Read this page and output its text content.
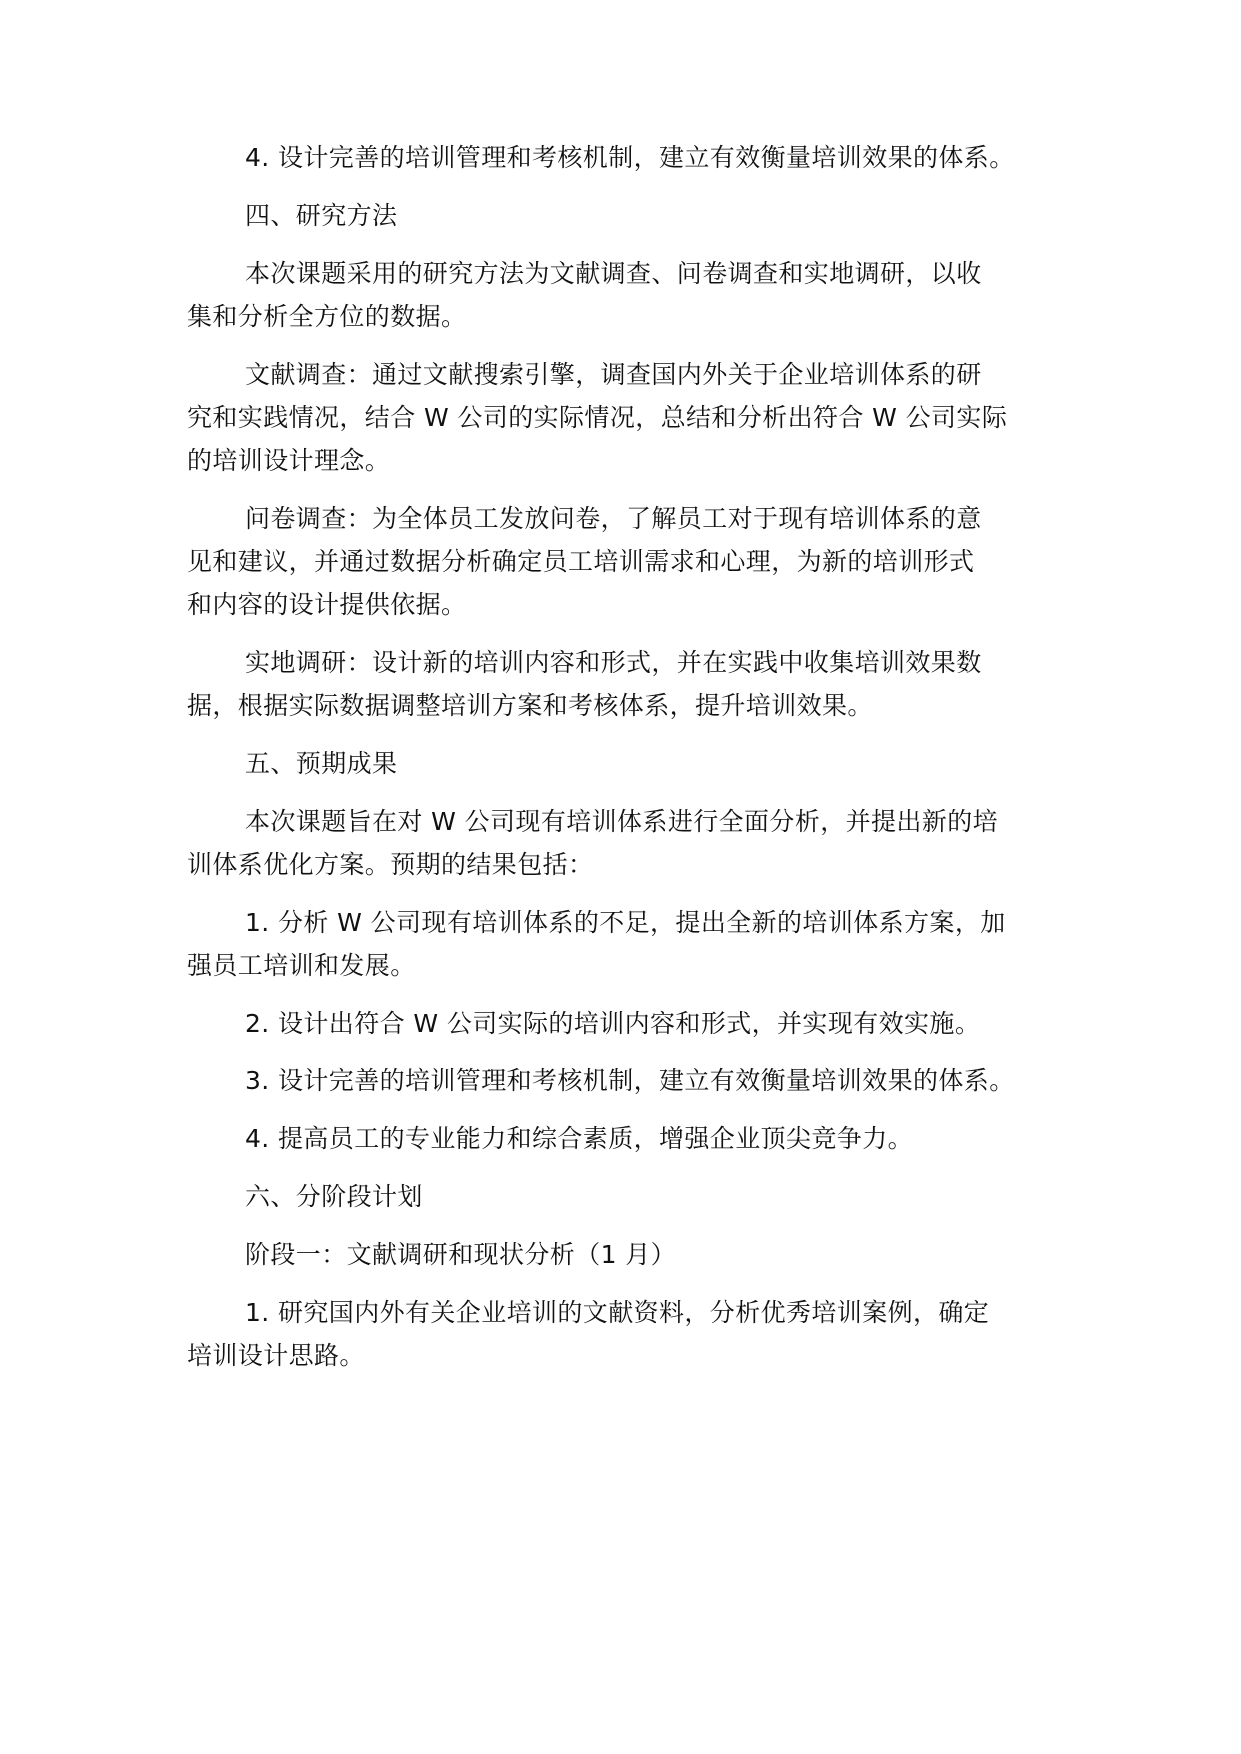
4. 设计完善的培训管理和考核机制，建立有效衡量培训效果的体系。
四、研究方法
本次课题采用的研究方法为文献调查、问卷调查和实地调研，以收
集和分析全方位的数据。
文献调查：通过文献搜索引擎，调查国内外关于企业培训体系的研
究和实践情况，结合 W 公司的实际情况，总结和分析出符合 W 公司实际
的培训设计理念。
问卷调查：为全体员工发放问卷，了解员工对于现有培训体系的意
见和建议，并通过数据分析确定员工培训需求和心理，为新的培训形式
和内容的设计提供依据。
实地调研：设计新的培训内容和形式，并在实践中收集培训效果数
据，根据实际数据调整培训方案和考核体系，提升培训效果。
五、预期成果
本次课题旨在对 W 公司现有培训体系进行全面分析，并提出新的培
训体系优化方案。预期的结果包括：
1. 分析 W 公司现有培训体系的不足，提出全新的培训体系方案，加
强员工培训和发展。
2. 设计出符合 W 公司实际的培训内容和形式，并实现有效实施。
3. 设计完善的培训管理和考核机制，建立有效衡量培训效果的体系。
4. 提高员工的专业能力和综合素质，增强企业顶尖竞争力。
六、分阶段计划
阶段一：文献调研和现状分析（1 月）
1. 研究国内外有关企业培训的文献资料，分析优秀培训案例，确定
培训设计思路。
